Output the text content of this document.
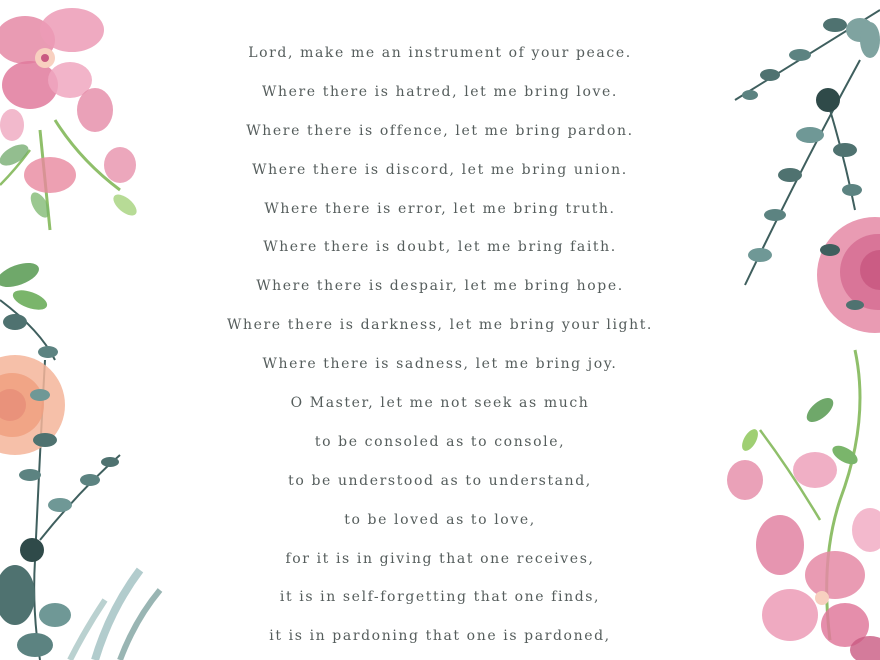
Lord, make me an instrument of your peace.
Where there is hatred, let me bring love.
Where there is offence, let me bring pardon.
Where there is discord, let me bring union.
Where there is error, let me bring truth.
Where there is doubt, let me bring faith.
Where there is despair, let me bring hope.
Where there is darkness, let me bring your light.
Where there is sadness, let me bring joy.
O Master, let me not seek as much
to be consoled as to console,
to be understood as to understand,
to be loved as to love,
for it is in giving that one receives,
it is in self-forgetting that one finds,
it is in pardoning that one is pardoned,
